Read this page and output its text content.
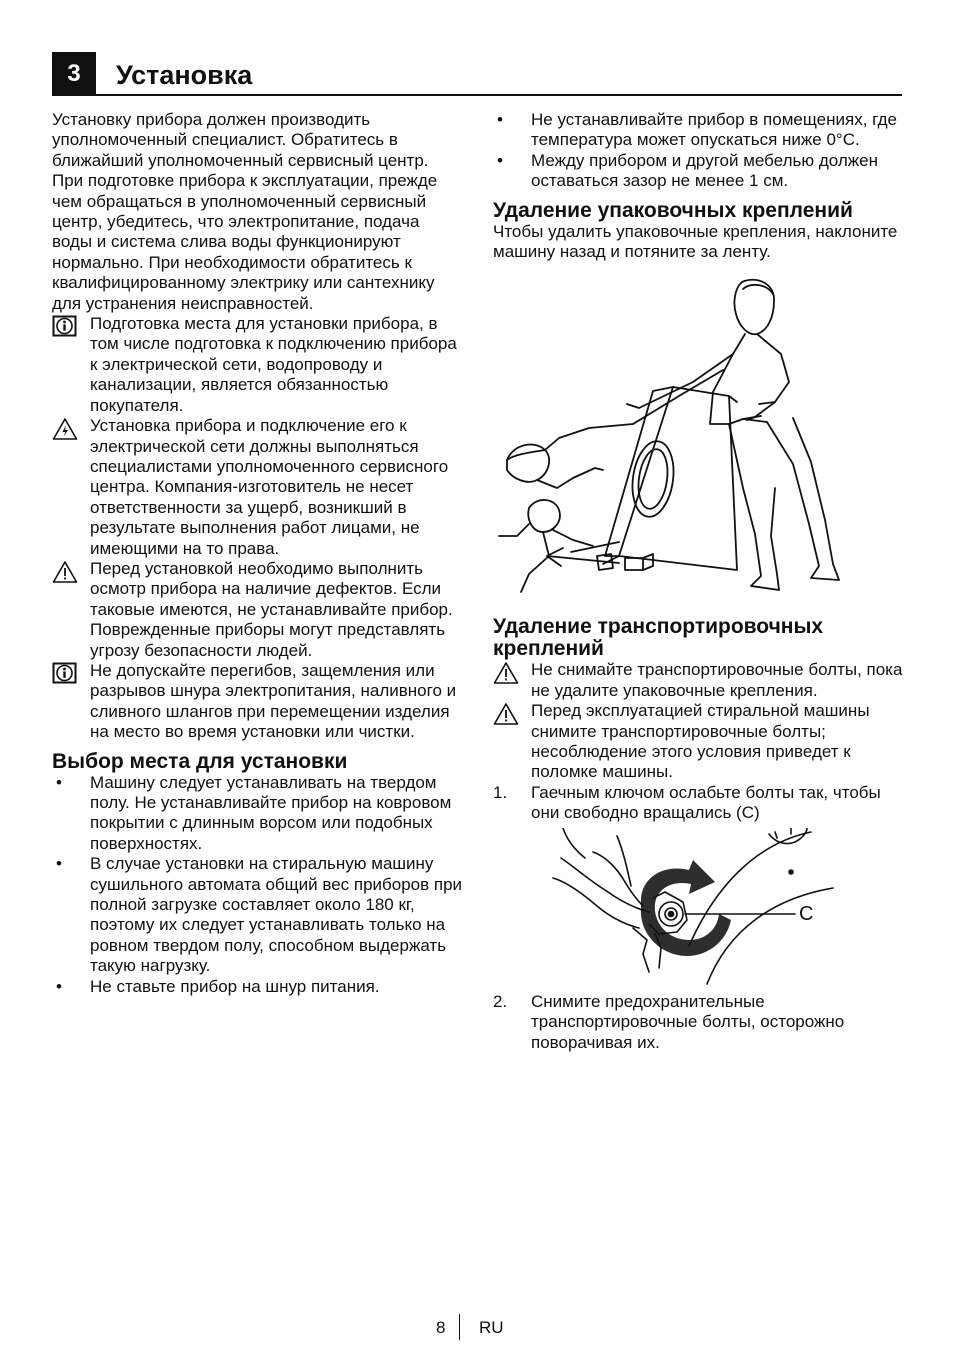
3	Установка

Установку прибора должен производить уполномоченный специалист. Обратитесь в ближайший уполномоченный сервисный центр. При подготовке прибора к эксплуатации, прежде чем обращаться в уполномоченный сервисный центр, убедитесь, что электропитание, подача воды и система слива воды функционируют нормально. При необходимости обратитесь к квалифицированному электрику или сантехнику для устранения неисправностей.

Подготовка места для установки прибора, в том числе подготовка к подключению прибора к электрической сети, водопроводу и канализации, является обязанностью покупателя.
Установка прибора и подключение его к электрической сети должны выполняться специалистами уполномоченного сервисного центра. Компания-изготовитель не несет ответственности за ущерб, возникший в результате выполнения работ лицами, не имеющими на то права.
Перед установкой необходимо выполнить осмотр прибора на наличие дефектов. Если таковые имеются, не устанавливайте прибор. Поврежденные приборы могут представлять угрозу безопасности людей.
Не допускайте перегибов, защемления или разрывов шнура электропитания, наливного и сливного шлангов при перемещении изделия на место во время установки или чистки.
Выбор места для установки
• Машину следует устанавливать на твердом полу. Не устанавливайте прибор на ковровом покрытии с длинным ворсом или подобных поверхностях.
• В случае установки на стиральную машину сушильного автомата общий вес приборов при полной загрузке составляет около 180 кг, поэтому их следует устанавливать только на ровном твердом полу, способном выдержать такую нагрузку.
• Не ставьте прибор на шнур питания.
• Не устанавливайте прибор в помещениях, где температура может опускаться ниже 0°С.
• Между прибором и другой мебелью должен оставаться зазор не менее 1 см.
Удаление упаковочных креплений

Чтобы удалить упаковочные крепления, наклоните машину назад и потяните за ленту.

Удаление транспортировочных креплений
Не снимайте транспортировочные болты, пока не удалите упаковочные крепления.
Перед эксплуатацией стиральной машины снимите транспортировочные болты; несоблюдение этого условия приведет к поломке машины.
1. Гаечным ключом ослабьте болты так, чтобы они свободно вращались (С)
C
2. Снимите предохранительные транспортировочные болты, осторожно поворачивая их.
8 RU
